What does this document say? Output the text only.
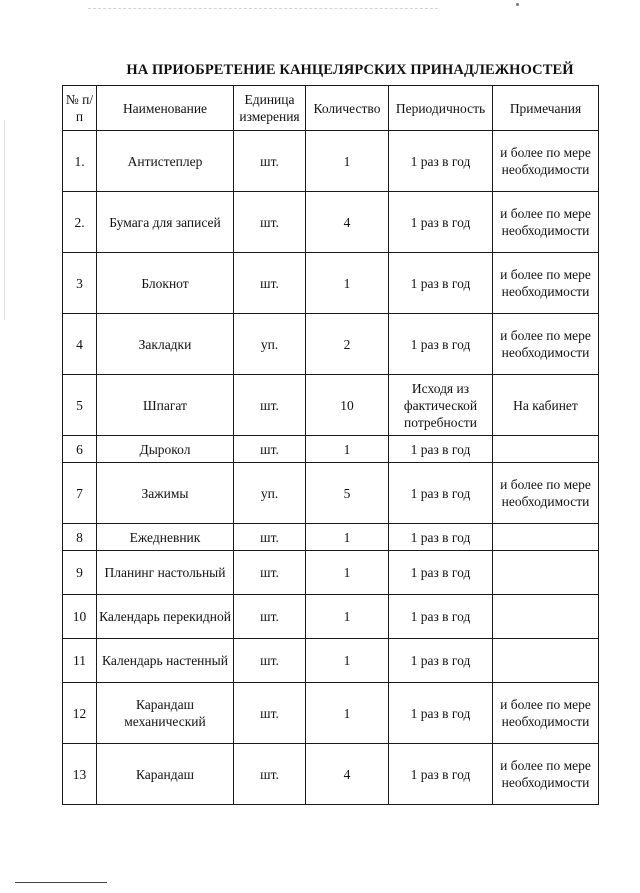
НА ПРИОБРЕТЕНИЕ КАНЦЕЛЯРСКИХ ПРИНАДЛЕЖНОСТЕЙ
№ п/п	Наименование	Единица измерения	Количество	Периодичность	Примечания
1.	Антистеплер	шт.	1	1 раз в год	и более по мере необходимости
2.	Бумага для записей	шт.	4	1 раз в год	и более по мере необходимости
3	Блокнот	шт.	1	1 раз в год	и более по мере необходимости
4	Закладки	уп.	2	1 раз в год	и более по мере необходимости
5	Шпагат	шт.	10	Исходя из фактической потребности	На кабинет
6	Дырокол	шт.	1	1 раз в год	
7	Зажимы	уп.	5	1 раз в год	и более по мере необходимости
8	Ежедневник	шт.	1	1 раз в год	
9	Планинг настольный	шт.	1	1 раз в год	
10	Календарь перекидной	шт.	1	1 раз в год	
11	Календарь настенный	шт.	1	1 раз в год	
12	Карандаш механический	шт.	1	1 раз в год	и более по мере необходимости
13	Карандаш	шт.	4	1 раз в год	и более по мере необходимости
